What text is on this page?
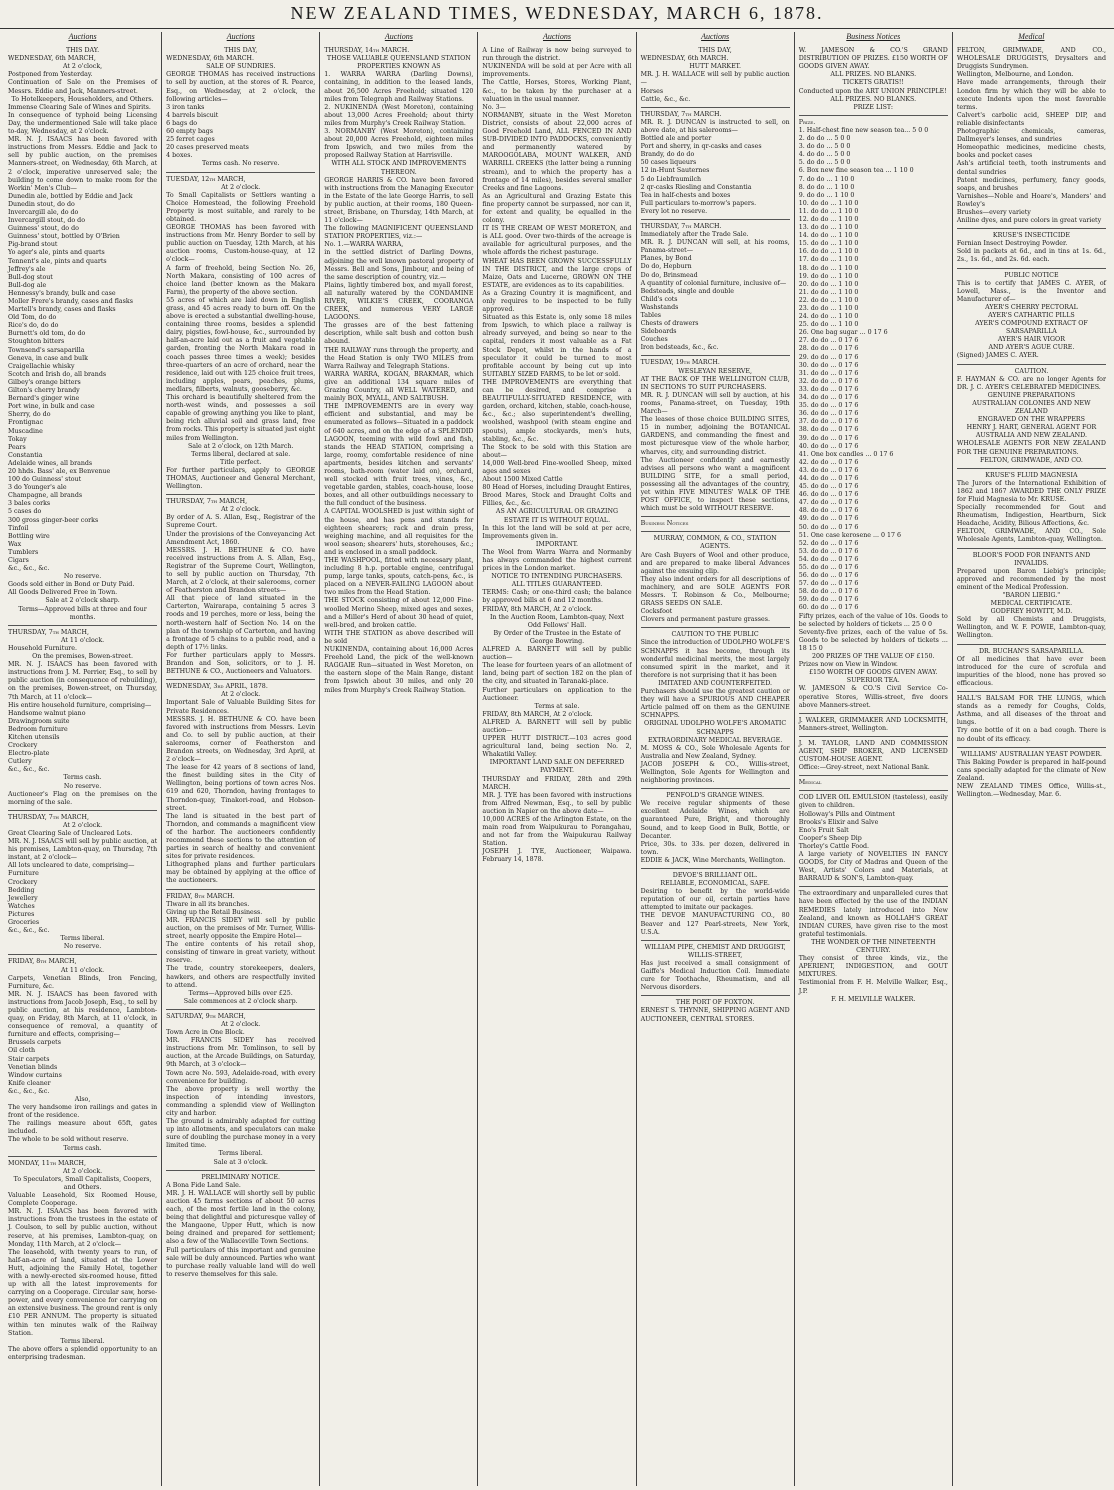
NEW ZEALAND TIMES, WEDNESDAY, MARCH 6, 1878.
Auctions
THIS DAY.
WEDNESDAY, 6th MARCH,
At 2 o'clock,
Postponed from Yesterday.
Continuation of Sale on the Premises of Messrs. Eddie and Jack, Manners-street.
To Hotelkeepers, Householders, and Others.
Immense Clearing Sale of Wines and Spirits.
In consequence of typhoid being Licensing Day, the undermentioned Sale will take place to-day, Wednesday, at 2 o'clock.
MR. N. J. ISAACS has been favored with instructions from Messrs. Eddie and Jack to sell by public auction, on the premises Manners-street, on Wednesday, 6th March, at 2 o'clock, imperative unreserved sale; the building to come down to make room for the Workin' Men's Club—
Dunedin ale, bottled by Eddie and Jack
Dunedin stout, do do
Invercargill ale, do do
Invercargill stout, do do
Guinness' stout, do do
Guinness' stout, bottled by O'Brien
Pig-brand stout
Yo ager's ale, pints and quarts
Tennent's ale, pints and quarts
Jeffrey's ale
Bull-dog stout
Bull-dog ale
Hennessy's brandy, bulk and case
Moller Frere's brandy, cases and flasks
Martell's brandy, cases and flasks
Old Tom, do do
Rice's do, do do
Burnett's old tom, do do
Stoughton bitters
Townsend's sarsaparilla
Geneva, in case and bulk
Craigellachie whisky
Scotch and Irish do, all brands
Gilbey's orange bitters
Gilton's cherry brandy
Bernard's ginger wine
Port wine, in bulk and case
Sherry, do do
Frontignac
Muscadine
Tokay
Pears
Constantia
Adelaide wines, all brands
20 hhds. Bass' ale, ex Benvenue
100 do Guinness' stout
3 do Younger's ale
Champagne, all brands
3 bales corks
5 cases do
300 gross ginger-beer corks
Tinfoil
Bottling wire
Wax
Tumblers
Cigars
&c., &c., &c.
No reserve.
Goods sold either in Bond or Duty Paid.
All Goods Delivered Free in Town.
Sale at 2 o'clock sharp.
Terms—Approved bills at three and four months.
THURSDAY, 7th MARCH,
At 11 o'clock.
Household Furniture.
On the premises, Bowen-street.
MR. N. J. ISAACS has been favored with instructions from J. M. Perrier, Esq., to sell by public auction (in consequence of rebuilding), on the premises, Bowen-street, on Thursday, 7th March, at 11 o'clock—
His entire household furniture, comprising—
Handsome walnut piano
Drawingroom suite
Bedroom furniture
Kitchen utensils
Crockery
Electro-plate
Cutlery
&c., &c., &c.
Terms cash.
No reserve.
Auctioneer's Flag on the premises on the morning of the sale.
THURSDAY, 7th MARCH,
At 2 o'clock.
Great Clearing Sale of Uncleared Lots.
MR. N. J. ISAACS will sell by public auction, at his premises, Lambton-quay, on Thursday, 7th instant, at 2 o'clock—
All lots uncleared to date, comprising—
Furniture
Crockery
Bedding
Jewellery
Watches
Pictures
Groceries
&c., &c., &c.
Terms liberal.
No reserve.
FRIDAY, 8th MARCH,
At 11 o'clock.
Carpets, Venetian Blinds, Iron Fencing, Furniture, &c.
MR. N. J. ISAACS has been favored with instructions from Jacob Joseph, Esq., to sell by public auction, at his residence, Lambton-quay, on Friday, 8th March, at 11 o'clock, in consequence of removal, a quantity of furniture and effects, comprising—
Brussels carpets
Oil cloth
Stair carpets
Venetian blinds
Window curtains
Knife cleaner
&c., &c., &c.
Also,
The very handsome iron railings and gates in front of the residence.
The railings measure about 65ft, gates included.
The whole to be sold without reserve.
Terms cash.
MONDAY, 11th MARCH,
At 2 o'clock.
To Speculators, Small Capitalists, Coopers, and Others.
Valuable Leasehold, Six Roomed House, Complete Cooperage.
MR. N. J. ISAACS has been favored with instructions from the trustees in the estate of J. Coulson, to sell by public auction, without reserve, at his premises, Lambton-quay, on Monday, 11th March, at 2 o'clock—
The leasehold, with twenty years to run, of half-an-acre of land, situated at the Lower Hutt, adjoining the Family Hotel, together with a newly-erected six-roomed house, fitted up with all the latest improvements for carrying on a Cooperage. Circular saw, horse-power, and every convenience for carrying on an extensive business. The ground rent is only £10 PER ANNUM. The property is situated within ten minutes walk of the Railway Station.
Terms liberal.
The above offers a splendid opportunity to an enterprising tradesman.
Auctions
THIS DAY,
WEDNESDAY, 6th MARCH.
SALE OF SUNDRIES.
GEORGE THOMAS has received instructions to sell by auction, at the stores of R. Pearce, Esq., on Wednesday, at 2 o'clock, the following articles—
3 iron tanks
4 barrels biscuit
6 bags do
60 empty bags
25 ferret cages
20 cases preserved meats
4 boxes.
Terms cash. No reserve.
TUESDAY, 12th MARCH,
At 2 o'clock.
To Small Capitalists or Settlers wanting a Choice Homestead, the following Freehold Property is most suitable, and rarely to be obtained.
GEORGE THOMAS has been favored with instructions from Mr. Henry Border to sell by public auction on Tuesday, 12th March, at his auction rooms, Custom-house-quay, at 12 o'clock—
A farm of freehold, being Section No. 26, North Makara, consisting of 100 acres of choice land (better known as the Makara Farm), the property of the above section.
55 acres of which are laid down in English grass, and 45 acres ready to burn off. On the above is erected a substantial dwelling-house, containing three rooms, besides a splendid dairy, pigsties, fowl-house, &c., surrounded by half-an-acre laid out as a fruit and vegetable garden, fronting the North Makara road in coach passes three times a week); besides three-quarters of an acre of orchard, near the residence, laid out with 125 choice fruit trees, including apples, pears, peaches, plums, medlars, filberts, walnuts, gooseberry, &c.
This orchard is beautifully sheltered from the north-west winds, and possesses a soil capable of growing anything you like to plant, being rich alluvial soil and grass land, free from rocks. This property is situated just eight miles from Wellington.
Sale at 2 o'clock, on 12th March.
Terms liberal, declared at sale.
Title perfect.
For further particulars, apply to GEORGE THOMAS, Auctioneer and General Merchant, Wellington.
THURSDAY, 7th MARCH,
At 2 o'clock.
By order of A. S. Allan, Esq., Registrar of the Supreme Court.
Under the provisions of the Conveyancing Act Amendment Act, 1860.
MESSRS. J. H. BETHUNE & CO. have received instructions from A. S. Allan, Esq., Registrar of the Supreme Court, Wellington, to sell by public auction on Thursday, 7th March, at 2 o'clock, at their salerooms, corner of Featherston and Brandon streets—
All that piece of land situated in the Carterton, Wairarapa, containing 5 acres 3 roods and 19 perches, more or less, being the north-western half of Section No. 14 on the plan of the township of Carterton, and having a frontage of 5 chains to a public road, and a depth of 17½ links.
For further particulars apply to Messrs. Brandon and Son, solicitors, or to J. H. BETHUNE & CO., Auctioneers and Valuators.
WEDNESDAY, 3rd APRIL, 1878.
At 2 o'clock.
Important Sale of Valuable Building Sites for Private Residences.
MESSRS. J. H. BETHUNE & CO. have been favored with instructions from Messrs. Levin and Co. to sell by public auction, at their salerooms, corner of Featherston and Brandon streets, on Wednesday, 3rd April, at 2 o'clock—
The lease for 42 years of 8 sections of land, the finest building sites in the City of Wellington, being portions of town acres Nos. 619 and 620, Thorndon, having frontages to Thorndon-quay, Tinakori-road, and Hobson-street.
The land is situated in the best part of Thorndon, and commands a magnificent view of the harbor. The auctioneers confidently recommend these sections to the attention of parties in search of healthy and convenient sites for private residences.
Lithographed plans and further particulars may be obtained by applying at the office of the auctioneers.
FRIDAY, 8th MARCH.
Tlware in all its branches.
Giving up the Retail Business.
MR. FRANCIS SIDEY will sell by public auction, on the premises of Mr. Turner, Willis-street, nearly opposite the Empire Hotel—
The entire contents of his retail shop, consisting of tinware in great variety, without reserve.
The trade, country storekeepers, dealers, hawkers, and others are respectfully invited to attend.
Terms—Approved bills over £25.
Sale commences at 2 o'clock sharp.
SATURDAY, 9th MARCH,
At 2 o'clock.
Town Acre in One Block.
MR. FRANCIS SIDEY has received instructions from Mr. Tomlinson, to sell by auction, at the Arcade Buildings, on Saturday, 9th March, at 3 o'clock—
Town acre No. 593, Adelaide-road, with every convenience for building.
The above property is well worthy the inspection of intending investors, commanding a splendid view of Wellington city and harbor.
The ground is admirably adapted for cutting up into allotments, and speculators can make sure of doubling the purchase money in a very limited time.
Terms liberal.
Sale at 3 o'clock.
PRELIMINARY NOTICE.
A Bona Fide Land Sale.
MR. J. H. WALLACE will shortly sell by public auction 45 farms sections of about 50 acres each, of the most fertile land in the colony, being that delightful and picturesque valley of the Mangaone, Upper Hutt, which is now being drained and prepared for settlement; also a few of the Wallaceville Town Sections.
Full particulars of this important and genuine sale will be duly announced. Parties who want to purchase really valuable land will do well to reserve themselves for this sale.
Auctions
THURSDAY, 14th MARCH.
THOSE VALUABLE QUEENSLAND STATION PROPERTIES KNOWN AS
1. WARRA WARRA (Darling Downs), containing, in addition to the leased lands, about 26,500 Acres Freehold; situated 120 miles from Telegraph and Railway Stations.
2. NUKINENDA (West Moreton), containing about 13,000 Acres Freehold; about thirty miles from Murphy's Creek Railway Station.
3. NORMANBY (West Moreton), containing about 20,000 Acres Freehold, eighteen miles from Ipswich, and two miles from the proposed Railway Station at Harrisville.
WITH ALL STOCK AND IMPROVEMENTS THEREON.
GEORGE HARRIS & CO. have been favored with instructions from the Managing Executor in the Estate of the late George Harris, to sell by public auction, at their rooms, 180 Queen-street, Brisbane, on Thursday, 14th March, at 11 o'clock—
The following MAGNIFICENT QUEENSLAND STATION PROPERTIES, viz.:—
No. 1.—WARRA WARRA,
in the settled district of Darling Downs, adjoining the well known pastoral property of Messrs. Bell and Sons, Jimbour, and being of the same description of country, viz.—
Plains, lightly timbered box, and myall forest, all naturally watered by the CONDAMINE RIVER, WILKIE'S CREEK, COORANGA CREEK, and numerous VERY LARGE LAGOONS.
The grasses are of the best fattening description, while salt bush and cotton bush abound.
THE RAILWAY runs through the property, and the Head Station is only TWO MILES from Warra Railway and Telegraph Stations.
WARRA WARRA, KOGAN, BRAKMAR, which give an additional 134 square miles of Grazing Country, all WELL WATERED, and mainly BOX, MYALL, AND SALTBUSH.
THE IMPROVEMENTS are in every way efficient and substantial, and may be enumerated as follows—Situated in a paddock of 640 acres, and on the edge of a SPLENDID LAGOON, teeming with wild fowl and fish, stands the HEAD STATION, comprising a large, roomy, comfortable residence of nine apartments, besides kitchen and servants' rooms, bath-room (water laid on), orchard, well stocked with fruit trees, vines, &c., vegetable garden, stables, coach-house, loose boxes, and all other outbuildings necessary to the full conduct of the business.
A CAPITAL WOOLSHED is just within sight of the house, and has pens and stands for eighteen shearers; rack and drain press, weighing machine, and all requisites for the wool season; shearers' huts, storehouses, &c.; and is enclosed in a small paddock.
THE WASHPOOL, fitted with necessary plant, including 8 h.p. portable engine, centrifugal pump, large tanks, spouts, catch-pens, &c., is placed on a NEVER-FAILING LAGOON about two miles from the Head Station.
THE STOCK consisting of about 12,000 Fine-woolled Merino Sheep, mixed ages and sexes, and a Miller's Herd of about 30 head of quiet, well-bred, and broken cattle.
WITH THE STATION as above described will be sold
NUKINENDA, containing about 16,000 Acres Freehold Land, the pick of the well-known RAGGAIE Run—situated in West Moreton, on the eastern slope of the Main Range, distant from Ipswich about 30 miles, and only 20 miles from Murphy's Creek Railway Station.
Auctions
A Line of Railway is now being surveyed to run through the district.
NUKINENDA will be sold at per Acre with all improvements.
The Cattle, Horses, Stores, Working Plant, &c., to be taken by the purchaser at a valuation in the usual manner.
No. 3—
NORMANBY, situate in the West Moreton District, consists of about 22,000 acres of Good Freehold Land, ALL FENCED IN AND SUB-DIVIDED INTO PADDOCKS, conveniently and permanently watered by MAROOGOLABA, MOUNT WALKER, AND WARRILL CREEKS (the latter being a running stream), and to which the property has a frontage of 14 miles), besides several smaller Creeks and fine Lagoons.
As an Agricultural and Grazing Estate this fine property cannot be surpassed, nor can it, for extent and quality, be equalled in the colony.
IT IS THE CREAM OF WEST MORETON, and is ALL good. Over two-thirds of the acreage is available for agricultural purposes, and the whole affords the richest pasturage.
WHEAT HAS BEEN GROWN SUCCESSFULLY IN THE DISTRICT, and the large crops of Maize, Oats and Lucerne, GROWN ON THE ESTATE, are evidences as to its capabilities.
As a Grazing Country it is magnificent, and only requires to be inspected to be fully approved.
Situated as this Estate is, only some 18 miles from Ipswich, to which place a railway is already surveyed, and being so near to the capital, renders it most valuable as a Fat Stock Depot, whilst in the hands of a speculator it could be turned to most profitable account by being cut up into SUITABLY SIZED FARMS, to be let or sold.
THE IMPROVEMENTS are everything that can be desired, and comprise a BEAUTIFULLY-SITUATED RESIDENCE, with garden, orchard, kitchen, stable, coach-house, &c., &c.; also superintendent's dwelling, woolshed, washpool (with steam engine and spouts), ample stockyards, men's huts, stabling, &c., &c.
The Stock to be sold with this Station are about—
14,000 Well-bred Fine-woolled Sheep, mixed ages and sexes
About 1500 Mixed Cattle
80 Head of Horses, including Draught Entires, Brood Mares, Stock and Draught Colts and Fillies, &c., &c.
AS AN AGRICULTURAL OR GRAZING ESTATE IT IS WITHOUT EQUAL.
In this lot the land will be sold at per acre, Improvements given in.
IMPORTANT.
The Wool from Warra Warra and Normanby has always commanded the highest current prices in the London market.
NOTICE TO INTENDING PURCHASERS.
ALL TITLES GUARANTEED.
TERMS: Cash; or one-third cash; the balance by approved bills at 6 and 12 months.
FRIDAY, 8th MARCH, At 2 o'clock.
In the Auction Room, Lambton-quay, Next Odd Fellows' Hall.
By Order of the Trustee in the Estate of George Bowring.
ALFRED A. BARNETT will sell by public auction—
The lease for fourteen years of an allotment of land, being part of section 182 on the plan of the city, and situated in Taranaki-place.
Further particulars on application to the Auctioneer.
Terms at sale.
FRIDAY, 8th MARCH, At 2 o'clock.
ALFRED A. BARNETT will sell by public auction—
UPPER HUTT DISTRICT.—103 acres good agricultural land, being section No. 2, Whakatiki Valley.
IMPORTANT LAND SALE ON DEFERRED PAYMENT.
THURSDAY and FRIDAY, 28th and 29th MARCH.
MR. J. TYE has been favored with instructions from Alfred Newman, Esq., to sell by public auction in Napier on the above date—
10,000 ACRES of the Arlington Estate, on the main road from Waipukurau to Porangahau, and not far from the Waipukurau Railway Station.
JOSEPH J. TYE, Auctioneer, Waipawa. February 14, 1878.
Auctions
THIS DAY,
WEDNESDAY, 6th MARCH.
HUTT MARKET.
MR. J. H. WALLACE will sell by public auction—
Horses
Cattle, &c., &c.
THURSDAY, 7th MARCH.
MR. R. J. DUNCAN is instructed to sell, on above date, at his salerooms—
Bottled ale and porter
Port and sherry, in qr-casks and cases
Brandy, do do do
50 cases liqueurs
12 in-Hunt Sauternes
5 do Liebfraumilch
2 qr-casks Riesling and Constantia
Tea in half-chests and boxes
Full particulars to-morrow's papers.
Every lot no reserve.
THURSDAY, 7th MARCH.
Immediately after the Trade Sale.
MR. R. J. DUNCAN will sell, at his rooms, Panama-street—
Planes, by Bond
Do do, Hepburn
Do do, Brinsmead
A quantity of colonial furniture, inclusive of—
Bedsteads, single and double
Child's cots
Washstands
Tables
Chests of drawers
Sideboards
Couches
Iron bedsteads, &c., &c.
TUESDAY, 19th MARCH.
WESLEYAN RESERVE,
AT THE BACK OF THE WELLINGTON CLUB, IN SECTIONS TO SUIT PURCHASERS.
MR. R. J. DUNCAN will sell by auction, at his rooms, Panama-street, on Tuesday, 19th March—
The leases of those choice BUILDING SITES, 15 in number, adjoining the BOTANICAL GARDENS, and commanding the finest and most picturesque view of the whole harbor, wharves, city, and surrounding district.
The Auctioneer confidently and earnestly advises all persons who want a magnificent BUILDING SITE, for a small period, possessing all the advantages of the country, yet within FIVE MINUTES' WALK OF THE POST OFFICE, to inspect these sections, which must be sold WITHOUT RESERVE.
Business Notices
MURRAY, COMMON, & CO., STATION AGENTS.
Are Cash Buyers of Wool and other produce, and are prepared to make liberal Advances against the ensuing clip.
They also indent orders for all descriptions of machinery, and are SOLE AGENTS FOR Messrs. T. Robinson & Co., Melbourne; GRASS SEEDS ON SALE.
Cocksfoot
Clovers and permanent pasture grasses.
CAUTION TO THE PUBLIC
Since the introduction of UDOLPHO WOLFE'S SCHNAPPS it has become, through its wonderful medicinal merits, the most largely consumed spirit in the market, and it therefore is not surprising that it has been
IMITATED AND COUNTERFEITED.
Purchasers should use the greatest caution or they will have a SPURIOUS AND CHEAPER Article palmed off on them as the GENUINE SCHNAPPS.
ORIGINAL UDOLPHO WOLFE'S AROMATIC SCHNAPPS
EXTRAORDINARY MEDICAL BEVERAGE.
M. MOSS & CO., Sole Wholesale Agents for Australia and New Zealand, Sydney.
JACOB JOSEPH & CO., Willis-street, Wellington, Sole Agents for Wellington and neighboring provinces.
PENFOLD'S GRANGE WINES.
We receive regular shipments of these excellent Adelaide Wines, which are guaranteed Pure, Bright, and thoroughly Sound, and to keep Good in Bulk, Bottle, or Decanter.
Price, 30s. to 33s. per dozen, delivered in town.
EDDIE & JACK, Wine Merchants, Wellington.
DEVOE'S BRILLIANT OIL.
RELIABLE, ECONOMICAL, SAFE.
Desiring to benefit by the world-wide reputation of our oil, certain parties have attempted to imitate our packages.
THE DEVOE MANUFACTURING CO., 80 Beaver and 127 Pearl-streets, New York, U.S.A.
WILLIAM PIPE, CHEMIST AND DRUGGIST, WILLIS-STREET,
Has just received a small consignment of Gaiffe's Medical Induction Coil. Immediate cure for Toothache, Rheumatism, and all Nervous disorders.
THE PORT OF FOXTON.
ERNEST S. THYNNE, SHIPPING AGENT AND AUCTIONEER, CENTRAL STORES.
Business Notices
W. JAMESON & CO.'S GRAND DISTRIBUTION OF PRIZES. £150 WORTH OF GOODS GIVEN AWAY.
ALL PRIZES. NO BLANKS.
TICKETS GRATIS!!
Conducted upon the ART UNION PRINCIPLE!
ALL PRIZES. NO BLANKS.
PRIZE LIST:
Prize.
1. Half-chest fine new season tea... 5 0 0
2. do do ... 5 0 0
3. do do ... 5 0 0
4. do do ... 5 0 0
5. do do ... 5 0 0
6. Box new fine season tea ... 1 10 0
7. do do ... 1 10 0
8. do do ... 1 10 0
9. do do ... 1 10 0
10. do do ... 1 10 0
11. do do ... 1 10 0
12. do do ... 1 10 0
13. do do ... 1 10 0
14. do do ... 1 10 0
15. do do ... 1 10 0
16. do do ... 1 10 0
17. do do ... 1 10 0
18. do do ... 1 10 0
19. do do ... 1 10 0
20. do do ... 1 10 0
21. do do ... 1 10 0
22. do do ... 1 10 0
23. do do ... 1 10 0
24. do do ... 1 10 0
25. do do ... 1 10 0
26. One bag sugar ... 0 17 6
27. do do ... 0 17 6
28. do do ... 0 17 6
29. do do ... 0 17 6
30. do do ... 0 17 6
31. do do ... 0 17 6
32. do do ... 0 17 6
33. do do ... 0 17 6
34. do do ... 0 17 6
35. do do ... 0 17 6
36. do do ... 0 17 6
37. do do ... 0 17 6
38. do do ... 0 17 6
39. do do ... 0 17 6
40. do do ... 0 17 6
41. One box candles ... 0 17 6
42. do do ... 0 17 6
43. do do ... 0 17 6
44. do do ... 0 17 6
45. do do ... 0 17 6
46. do do ... 0 17 6
47. do do ... 0 17 6
48. do do ... 0 17 6
49. do do ... 0 17 6
50. do do ... 0 17 6
51. One case kerosene ... 0 17 6
52. do do ... 0 17 6
53. do do ... 0 17 6
54. do do ... 0 17 6
55. do do ... 0 17 6
56. do do ... 0 17 6
57. do do ... 0 17 6
58. do do ... 0 17 6
59. do do ... 0 17 6
60. do do ... 0 17 6
Fifty prizes, each of the value of 10s. Goods to be selected by holders of tickets ... 25 0 0
Seventy-five prizes, each of the value of 5s. Goods to be selected by holders of tickets ... 18 15 0
200 PRIZES OF THE VALUE OF £150.
Prizes now on View in Window.
£150 WORTH OF GOODS GIVEN AWAY.
SUPERIOR TEA.
W. JAMESON & CO.'S Civil Service Co-operative Stores, Willis-street, five doors above Manners-street.
J. WALKER, GRIMMAKER AND LOCKSMITH, Manners-street, Wellington.
J. M. TAYLOR, LAND AND COMMISSION AGENT, SHIP BROKER, AND LICENSED CUSTOM-HOUSE AGENT.
Office:—Grey-street, next National Bank.
Medical
COD LIVER OIL EMULSION (tasteless), easily given to children.
Holloway's Pills and Ointment
Brooks's Elixir and Salve
Eno's Fruit Salt
Cooper's Sheep Dip
Thorley's Cattle Food.
A large variety of NOVELTIES IN FANCY GOODS, for City of Madras and Queen of the West, Artists' Colors and Materials, at BARRAUD & SON'S, Lambton-quay.
The extraordinary and unparalleled cures that have been effected by the use of the INDIAN REMEDIES lately introduced into New Zealand, and known as HOLLAH'S GREAT INDIAN CURES, have given rise to the most grateful testimonials.
THE WONDER OF THE NINETEENTH CENTURY.
They consist of three kinds, viz., the APERIENT, INDIGESTION, and GOUT MIXTURES.
Testimonial from F. H. Melville Walker, Esq., J.P.
F. H. MELVILLE WALKER.
Medical
FELTON, GRIMWADE, AND CO., WHOLESALE DRUGGISTS, Drysalters and Druggists Sundrymen.
Wellington, Melbourne, and London.
Have made arrangements, through their London firm by which they will be able to execute Indents upon the most favorable terms.
Calvert's carbolic acid, SHEEP DIP, and reliable disinfectants
Photographic chemicals, cameras, Dallmeyer's lenses, and sundries
Homeopathic medicines, medicine chests, books and pocket cases
Ash's artificial teeth, tooth instruments and dental sundries
Patent medicines, perfumery, fancy goods, soaps, and brushes
Varnishes—Noble and Hoare's, Manders' and Rowley's
Brushes—every variety
Aniline dyes, and pure colors in great variety
KRUSE'S INSECTICIDE
Fernian Insect Destroying Powder.
Sold in packets at 6d., and in tins at 1s. 6d., 2s., 1s. 6d., and 2s. 6d. each.
PUBLIC NOTICE
This is to certify that JAMES C. AYER, of Lowell, Mass., is the Inventor and Manufacturer of—
AYER'S CHERRY PECTORAL
AYER'S CATHARTIC PILLS
AYER'S COMPOUND EXTRACT OF SARSAPARILLA
AYER'S HAIR VIGOR
AND AYER'S AGUE CURE.
(Signed) JAMES C. AYER.
CAUTION.
F. HAYMAN & CO. are no longer Agents for DR. J. C. AYER'S CELEBRATED MEDICINES.
GENUINE PREPARATIONS
AUSTRALIAN COLONIES AND NEW ZEALAND
ENGRAVED ON THE WRAPPERS
HENRY J. HART, GENERAL AGENT FOR AUSTRALIA AND NEW ZEALAND.
WHOLESALE AGENTS FOR NEW ZEALAND FOR THE GENUINE PREPARATIONS.
FELTON, GRIMWADE, AND CO.
KRUSE'S FLUID MAGNESIA
The Jurors of the International Exhibition of 1862 and 1867 AWARDED THE ONLY PRIZE for Fluid Magnesia to Mr. KRUSE.
Specially recommended for Gout and Rheumatism, Indigestion, Heartburn, Sick Headache, Acidity, Bilious Affections, &c.
FELTON, GRIMWADE, AND CO., Sole Wholesale Agents, Lambton-quay, Wellington.
BLOOR'S FOOD FOR INFANTS AND INVALIDS.
Prepared upon Baron Liebig's principle; approved and recommended by the most eminent of the Medical Profession.
"BARON LIEBIG."
MEDICAL CERTIFICATE.
GODFREY HOWITT, M.D.
Sold by all Chemists and Druggists, Wellington, and W. F. POWIE, Lambton-quay, Wellington.
DR. BUCHAN'S SARSAPARILLA.
Of all medicines that have ever been introduced for the cure of scrofula and impurities of the blood, none has proved so efficacious.
HALL'S BALSAM FOR THE LUNGS, which stands as a remedy for Coughs, Colds, Asthma, and all diseases of the throat and lungs.
Try one bottle of it on a bad cough. There is no doubt of its efficacy.
WILLIAMS' AUSTRALIAN YEAST POWDER.
This Baking Powder is prepared in half-pound cans specially adapted for the climate of New Zealand.
NEW ZEALAND TIMES Office, Willis-st., Wellington.—Wednesday, Mar. 6.
